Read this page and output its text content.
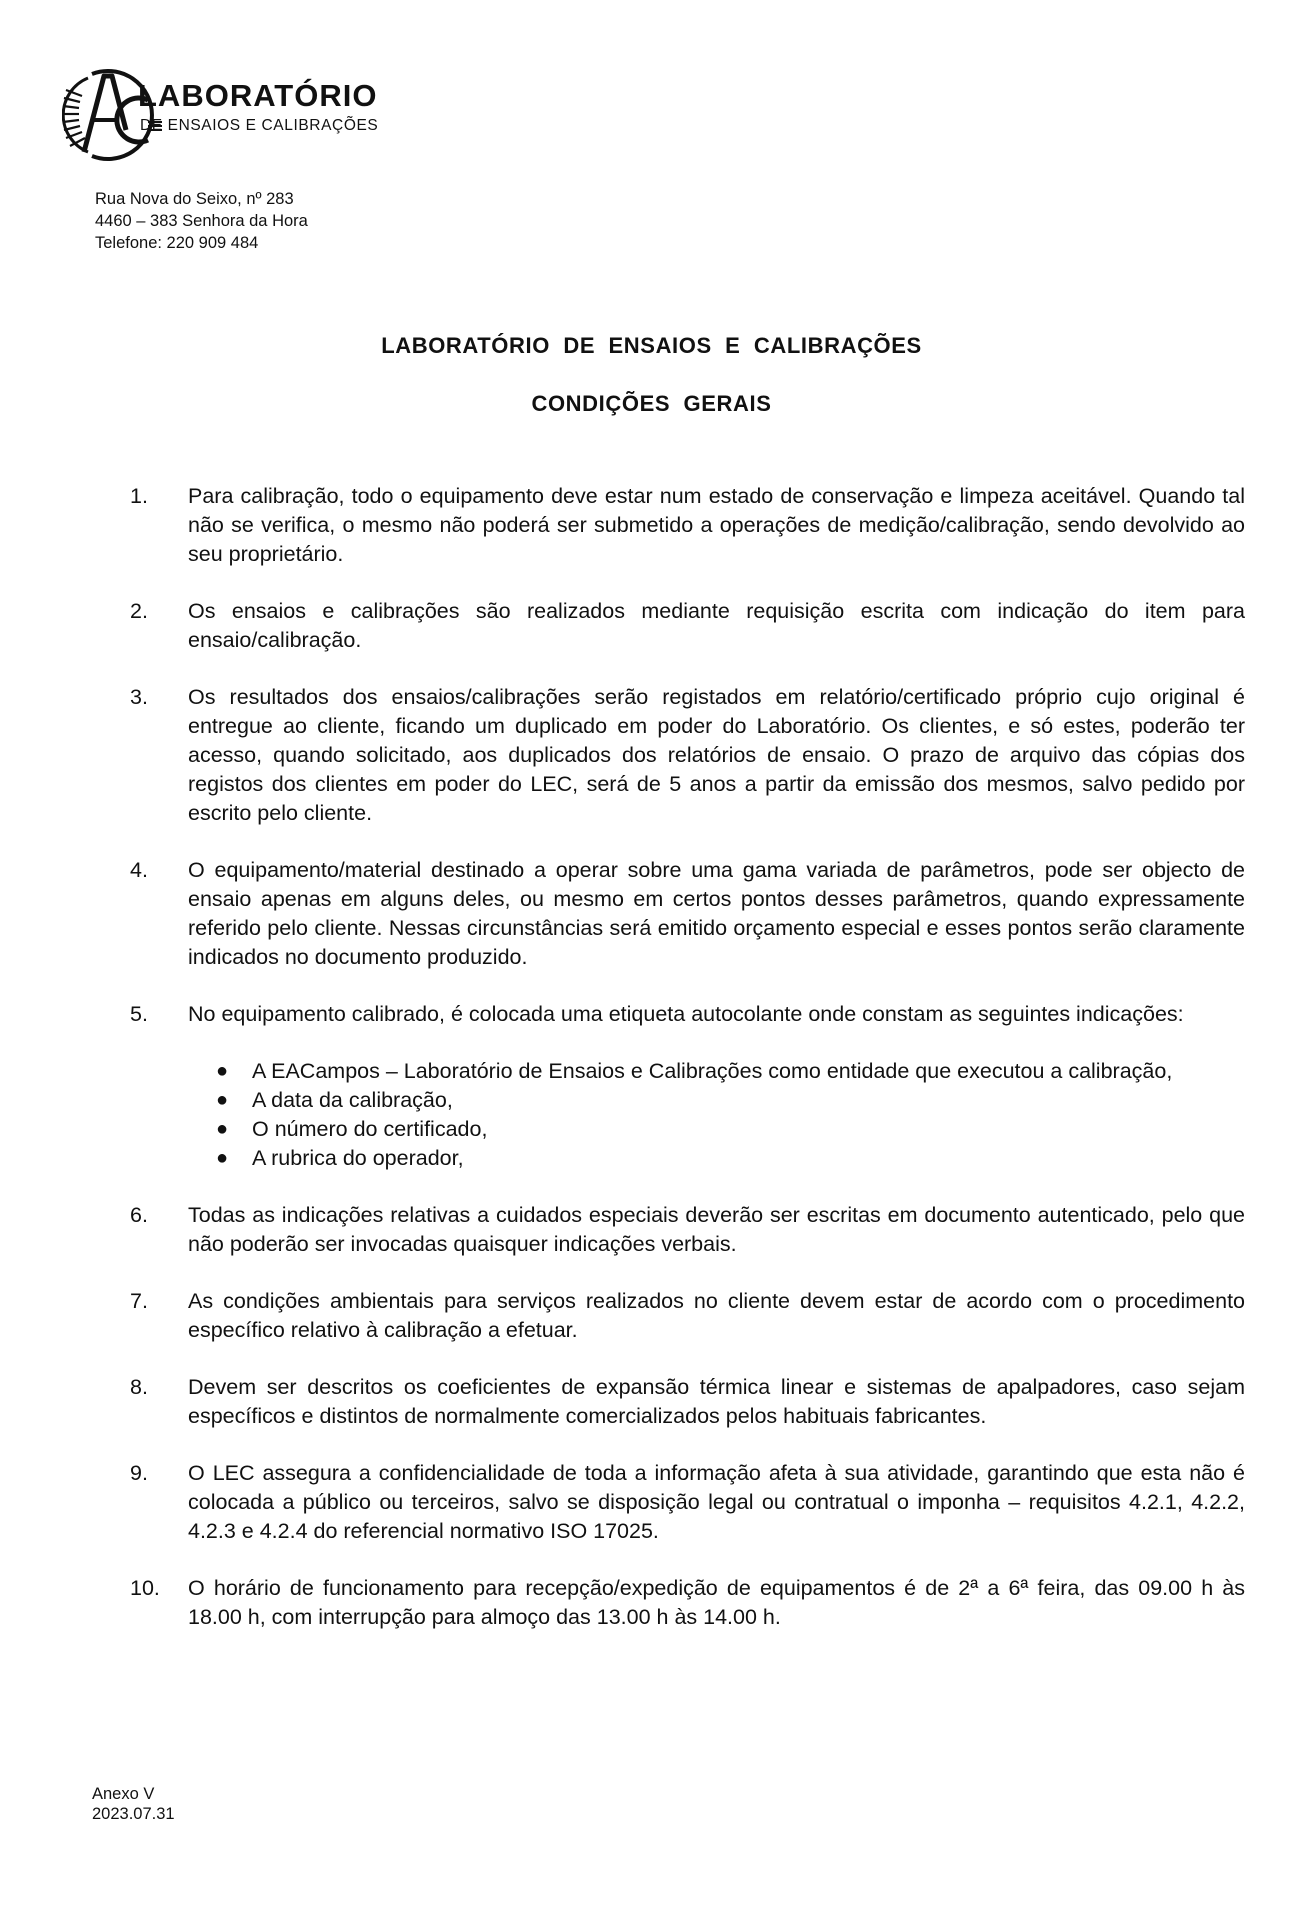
LABORATÓRIO
DE ENSAIOS E CALIBRAÇÕES
Rua Nova do Seixo, nº 283
4460 – 383 Senhora da Hora
Telefone: 220 909 484
LABORATÓRIO  DE  ENSAIOS  E  CALIBRAÇÕES
CONDIÇÕES  GERAIS
1.	Para calibração, todo o equipamento deve estar num estado de conservação e limpeza aceitável. Quando tal não se verifica, o mesmo não poderá ser submetido a operações de medição/calibração, sendo devolvido ao seu proprietário.
2.	Os ensaios e calibrações são realizados mediante requisição escrita com indicação do item para ensaio/calibração.
3.	Os resultados dos ensaios/calibrações serão registados em relatório/certificado próprio cujo original é entregue ao cliente, ficando um duplicado em poder do Laboratório. Os clientes, e só estes, poderão ter acesso, quando solicitado, aos duplicados dos relatórios de ensaio. O prazo de arquivo das cópias dos registos dos clientes em poder do LEC, será de 5 anos a partir da emissão dos mesmos, salvo pedido por escrito pelo cliente.
4.	O equipamento/material destinado a operar sobre uma gama variada de parâmetros, pode ser objecto de ensaio apenas em alguns deles, ou mesmo em certos pontos desses parâmetros, quando expressamente referido pelo cliente. Nessas circunstâncias será emitido orçamento especial e esses pontos serão claramente indicados no documento produzido.
5.	No equipamento calibrado, é colocada uma etiqueta autocolante onde constam as seguintes indicações:
●	A EACampos – Laboratório de Ensaios e Calibrações como entidade que executou a calibração,
●	A data da calibração,
●	O número do certificado,
●	A rubrica do operador,
6.	Todas as indicações relativas a cuidados especiais deverão ser escritas em documento autenticado, pelo que não poderão ser invocadas quaisquer indicações verbais.
7.	As condições ambientais para serviços realizados no cliente devem estar de acordo com o procedimento específico relativo à calibração a efetuar.
8.	Devem ser descritos os coeficientes de expansão térmica linear e sistemas de apalpadores, caso sejam específicos e distintos de normalmente comercializados pelos habituais fabricantes.
9.	O LEC assegura a confidencialidade de toda a informação afeta à sua atividade, garantindo que esta não é colocada a público ou terceiros, salvo se disposição legal ou contratual o imponha – requisitos 4.2.1, 4.2.2, 4.2.3 e 4.2.4 do referencial normativo ISO 17025.
10.	O horário de funcionamento para recepção/expedição de equipamentos é de 2ª a 6ª feira, das 09.00 h às 18.00 h, com interrupção para almoço das 13.00 h às 14.00 h.
Anexo V
2023.07.31
